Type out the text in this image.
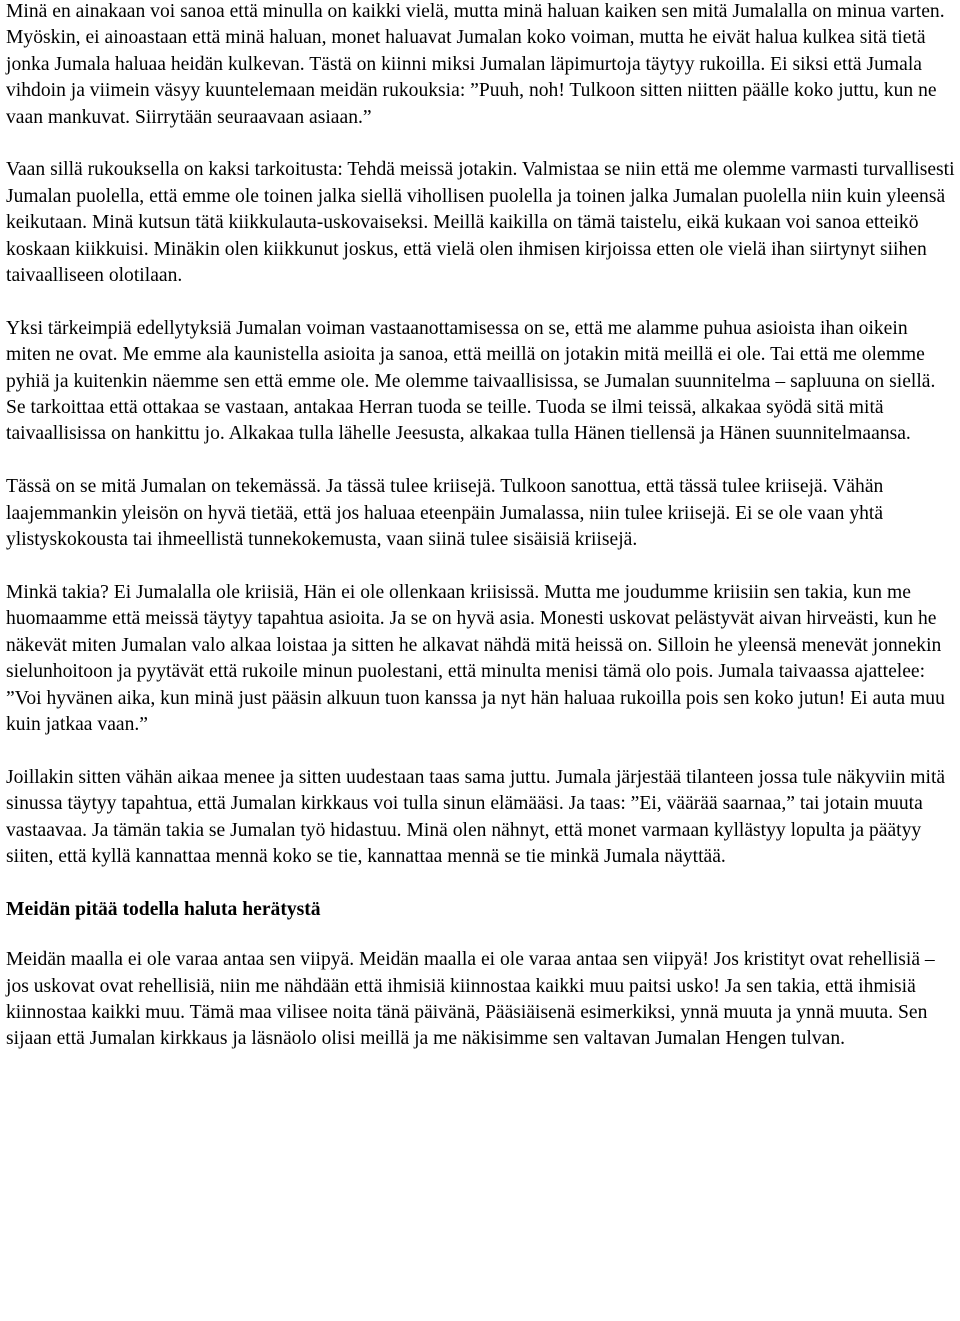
Minä en ainakaan voi sanoa että minulla on kaikki vielä, mutta minä haluan kaiken sen mitä Jumalalla on minua varten. Myöskin, ei ainoastaan että minä haluan, monet haluavat Jumalan koko voiman, mutta he eivät halua kulkea sitä tietä jonka Jumala haluaa heidän kulkevan. Tästä on kiinni miksi Jumalan läpimurtoja täytyy rukoilla. Ei siksi että Jumala vihdoin ja viimein väsyy kuuntelemaan meidän rukouksia: ”Puuh, noh! Tulkoon sitten niitten päälle koko juttu, kun ne vaan mankuvat. Siirrytään seuraavaan asiaan.”

Vaan sillä rukouksella on kaksi tarkoitusta: Tehdä meissä jotakin. Valmistaa se niin että me olemme varmasti turvallisesti Jumalan puolella, että emme ole toinen jalka siellä vihollisen puolella ja toinen jalka Jumalan puolella niin kuin yleensä keikutaan. Minä kutsun tätä kiikkulauta-uskovaiseksi. Meillä kaikilla on tämä taistelu, eikä kukaan voi sanoa etteikö koskaan kiikkuisi. Minäkin olen kiikkunut joskus, että vielä olen ihmisen kirjoissa etten ole vielä ihan siirtynyt siihen taivaalliseen olotilaan.

Yksi tärkeimpiä edellytyksiä Jumalan voiman vastaanottamisessa on se, että me alamme puhua asioista ihan oikein miten ne ovat. Me emme ala kaunistella asioita ja sanoa, että meillä on jotakin mitä meillä ei ole. Tai että me olemme pyhiä ja kuitenkin näemme sen että emme ole. Me olemme taivaallisissa, se Jumalan suunnitelma – sapluuna on siellä. Se tarkoittaa että ottakaa se vastaan, antakaa Herran tuoda se teille. Tuoda se ilmi teissä, alkakaa syödä sitä mitä taivaallisissa on hankittu jo. Alkakaa tulla lähelle Jeesusta, alkakaa tulla Hänen tiellensä ja Hänen suunnitelmaansa.

Tässä on se mitä Jumalan on tekemässä. Ja tässä tulee kriisejä. Tulkoon sanottua, että tässä tulee kriisejä. Vähän laajemmankin yleisön on hyvä tietää, että jos haluaa eteenpäin Jumalassa, niin tulee kriisejä. Ei se ole vaan yhtä ylistyskokousta tai ihmeellistä tunnekokemusta, vaan siinä tulee sisäisiä kriisejä.

Minkä takia? Ei Jumalalla ole kriisiä, Hän ei ole ollenkaan kriisissä. Mutta me joudumme kriisiin sen takia, kun me huomaamme että meissä täytyy tapahtua asioita. Ja se on hyvä asia. Monesti uskovat pelästyvät aivan hirveästi, kun he näkevät miten Jumalan valo alkaa loistaa ja sitten he alkavat nähdä mitä heissä on. Silloin he yleensä menevät jonnekin sielunhoitoon ja pyytävät että rukoile minun puolestani, että minulta menisi tämä olo pois. Jumala taivaassa ajattelee: ”Voi hyvänen aika, kun minä just pääsin alkuun tuon kanssa ja nyt hän haluaa rukoilla pois sen koko jutun! Ei auta muu kuin jatkaa vaan.”

Joillakin sitten vähän aikaa menee ja sitten uudestaan taas sama juttu. Jumala järjestää tilanteen jossa tule näkyviin mitä sinussa täytyy tapahtua, että Jumalan kirkkaus voi tulla sinun elämääsi. Ja taas: ”Ei, väärää saarnaa,” tai jotain muuta vastaavaa. Ja tämän takia se Jumalan työ hidastuu. Minä olen nähnyt, että monet varmaan kyllästyy lopulta ja päätyy siiten, että kyllä kannattaa mennä koko se tie, kannattaa mennä se tie minkä Jumala näyttää.

Meidän pitää todella haluta herätystä

Meidän maalla ei ole varaa antaa sen viipyä. Meidän maalla ei ole varaa antaa sen viipyä! Jos kristityt ovat rehellisiä – jos uskovat ovat rehellisiä, niin me nähdään että ihmisiä kiinnostaa kaikki muu paitsi usko! Ja sen takia, että ihmisiä kiinnostaa kaikki muu. Tämä maa vilisee noita tänä päivänä, Pääsiäisenä esimerkiksi, ynnä muuta ja ynnä muuta. Sen sijaan että Jumalan kirkkaus ja läsnäolo olisi meillä ja me näkisimme sen valtavan Jumalan Hengen tulvan.
